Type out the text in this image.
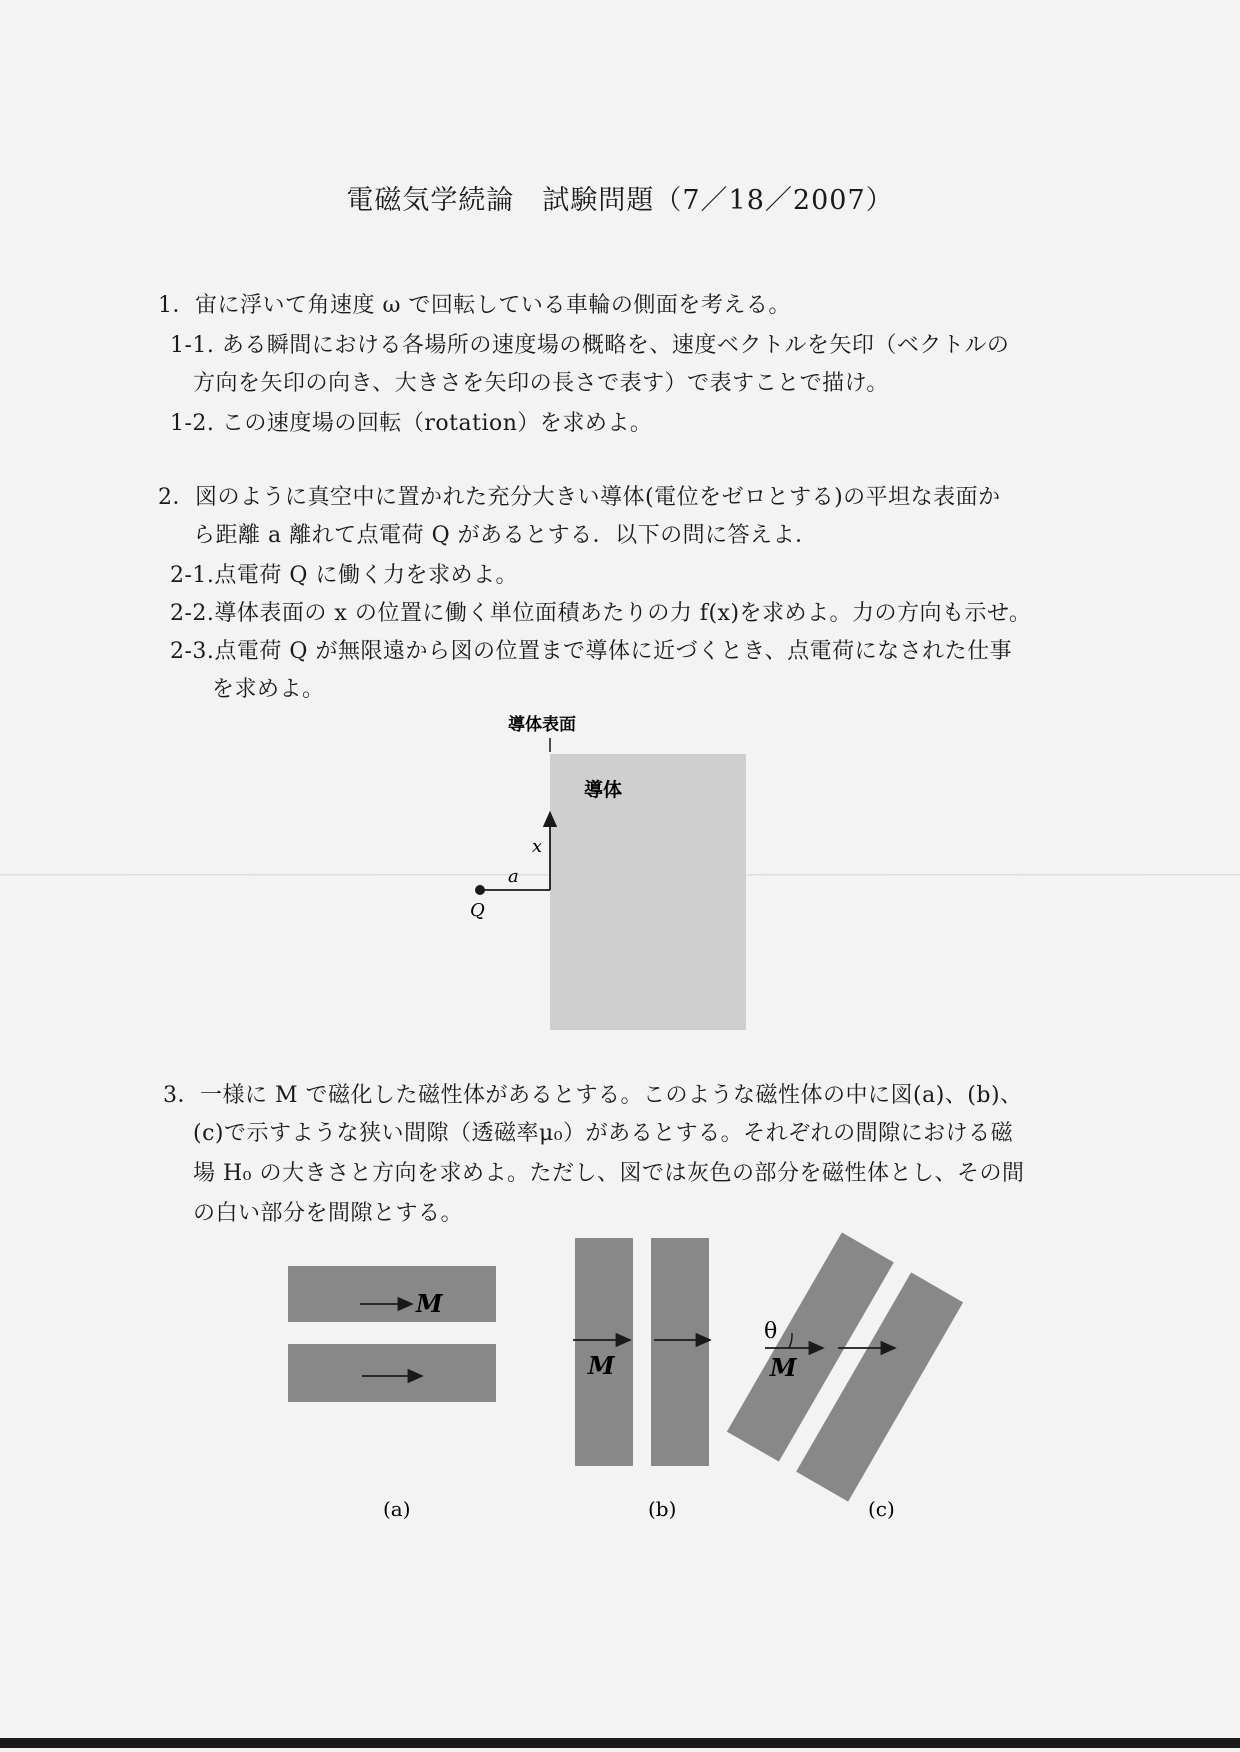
電磁気学続論　試験問題（7／18／2007）
1．宙に浮いて角速度 ω で回転している車輪の側面を考える。
1-1. ある瞬間における各場所の速度場の概略を、速度ベクトルを矢印（ベクトルの
方向を矢印の向き、大きさを矢印の長さで表す）で表すことで描け。
1-2. この速度場の回転（rotation）を求めよ。
2．図のように真空中に置かれた充分大きい導体(電位をゼロとする)の平坦な表面か
ら距離 a 離れて点電荷 Q があるとする．以下の問に答えよ．
2-1.点電荷 Q に働く力を求めよ。
2-2.導体表面の x の位置に働く単位面積あたりの力 f(x)を求めよ。力の方向も示せ。
2-3.点電荷 Q が無限遠から図の位置まで導体に近づくとき、点電荷になされた仕事
を求めよ。
導体表面
導体
x
a
Q
3．一様に M で磁化した磁性体があるとする。このような磁性体の中に図(a)、(b)、
(c)で示すような狭い間隙（透磁率μ₀）があるとする。それぞれの間隙における磁
場 H₀ の大きさと方向を求めよ。ただし、図では灰色の部分を磁性体とし、その間
の白い部分を間隙とする。
M
M
θ
M
(a)	(b)	(c)
